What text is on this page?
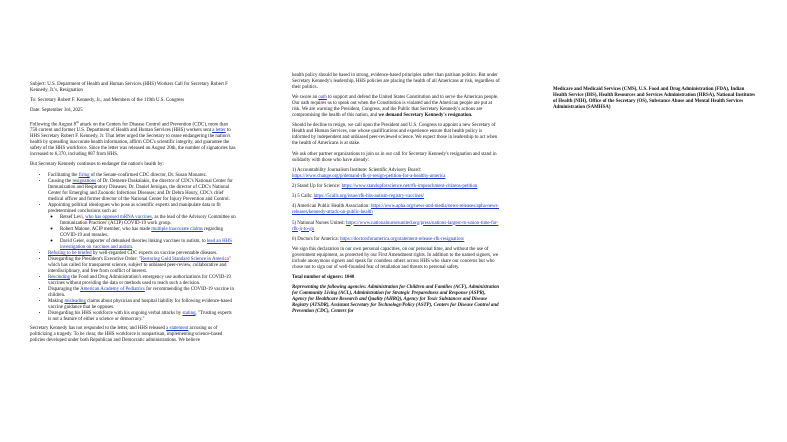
Subject: U.S. Department of Health and Human Services (HHS) Workers Call for Secretary Robert F Kennedy, Jr.'s, Resignation

To: Secretary Robert F. Kennedy, Jr., and Members of the 119th U.S. Congress

Date: September 3rd, 2025

Following the August 8th attack on the Centers for Disease Control and Prevention (CDC), more than 750 current and former U.S. Department of Health and Human Services (HHS) workers sent a letter to HHS Secretary Robert F. Kennedy, Jr. That letter urged the Secretary to cease endangering the nation's health by spreading inaccurate health information, affirm CDC's scientific integrity, and guarantee the safety of the HHS workforce. Since the letter was released on August 20th, the number of signatories has increased to 6,370, including 887 from HHS.

But Secretary Kennedy continues to endanger the nation's health by:

• Facilitating the firing of the Senate-confirmed CDC director, Dr. Susan Monarez.
• Causing the resignations of Dr. Demetre Daskalakis, the director of CDC's National Center for Immunization and Respiratory Diseases; Dr. Daniel Jernigan, the director of CDC's National Center for Emerging and Zoonotic Infectious Diseases; and Dr Debra Houry, CDC's chief medical officer and former director of the National Center for Injury Prevention and Control.
• Appointing political ideologues who pose as scientific experts and manipulate data to fit predetermined conclusions such as:
◦ Retsef Levi, who has opposed mRNA vaccines, as the lead of the Advisory Committee on Immunization Practices' (ACIP) COVID-19 work group.
◦ Robert Malone, ACIP member, who has made multiple inaccurate claims regarding COVID-19 and measles.
◦ David Geier, supporter of debunked theories linking vaccines to autism, to lead an HHS investigation on vaccines and autism.
• Refusing to be briefed by well-regarded CDC experts on vaccine preventable diseases.
• Disregarding the President's Executive Order: "Restoring Gold Standard Science in America" which has called for transparent science, subject to unbiased peer-review, collaborative and interdisciplinary, and free from conflict of interest.
• Rescinding the Food and Drug Administration's emergency use authorizations for COVID-19 vaccines without providing the data or methods used to reach such a decision.
• Disparaging the American Academy of Pediatrics for recommending the COVID-19 vaccine in children.
• Making misleading claims about physician and hospital liability for following evidence-based vaccine guidance that he opposes.
• Disregarding his HHS workforce with his ongoing verbal attacks by stating, "Trusting experts is not a feature of either a science or democracy."

Secretary Kennedy has not responded to the letter, and HHS released a statement accusing us of politicizing a tragedy. To be clear, the HHS workforce is nonpartisan, implementing science-based policies developed under both Republican and Democratic administrations. We believe

health policy should be based in strong, evidence-based principles rather than partisan politics. But under Secretary Kennedy's leadership, HHS policies are placing the health of all Americans at risk, regardless of their politics.

We swore an oath to support and defend the United States Constitution and to serve the American people. Our oath requires us to speak out when the Constitution is violated and the American people are put at risk. We are warning the President, Congress, and the Public that Secretary Kennedy's actions are compromising the health of this nation, and we demand Secretary Kennedy's resignation.

Should he decline to resign, we call upon the President and U.S. Congress to appoint a new Secretary of Health and Human Services, one whose qualifications and experience ensure that health policy is informed by independent and unbiased peer-reviewed science. We expect those in leadership to act when the health of Americans is at stake.

We ask other partner organizations to join us in our call for Secretary Kennedy's resignation and stand in solidarity with those who have already:

1) Accountability Journalism Institute: Scientific Advisory Board:
https://www.change.org/p/demand-rfk-jr-resign-petition-for-a-healthy-america

2) Stand Up for Science: https://www.standupforscience.net/rfk-impeachment-citizens-petition

3) 5 Calls: https://5calls.org/issue/rfk-hhs-autism-registry-vaccines/

4) American Public Health Association: https://www.apha.org/news-and-media/news-releases/apha-news-releases/kennedy-attack-on-public-health

5) National Nurses United: https://www.nationalnursesunited.org/press/nations-largest-rn-union-time-for-rfk-jr-to-go

6) Doctors for America: https://doctorsforamerica.org/statement-release-rfk-resignation/

We sign this declaration in our own personal capacities, on our personal time, and without the use of government equipment, as protected by our First Amendment rights. In addition to the named signers, we include anonymous signers and speak for countless others across HHS who share our concerns but who chose not to sign out of well-founded fear of retaliation and threats to personal safety.

Total number of signers: 1040

Representing the following agencies: Administration for Children and Families (ACF), Administration for Community Living (ACL), Administration for Strategic Preparedness and Response (ASPR), Agency for Healthcare Research and Quality (AHRQ), Agency for Toxic Substances and Disease Registry (ATSDR), Assistant Secretary for Technology/Policy (ASTP), Centers for Disease Control and Prevention (CDC), Centers for

Medicare and Medicaid Services (CMS), U.S. Food and Drug Administration (FDA), Indian Health Service (IHS), Health Resources and Services Administration (HRSA), National Institutes of Health (NIH), Office of the Secretary (OS), Substance Abuse and Mental Health Services Administration (SAMHSA)
